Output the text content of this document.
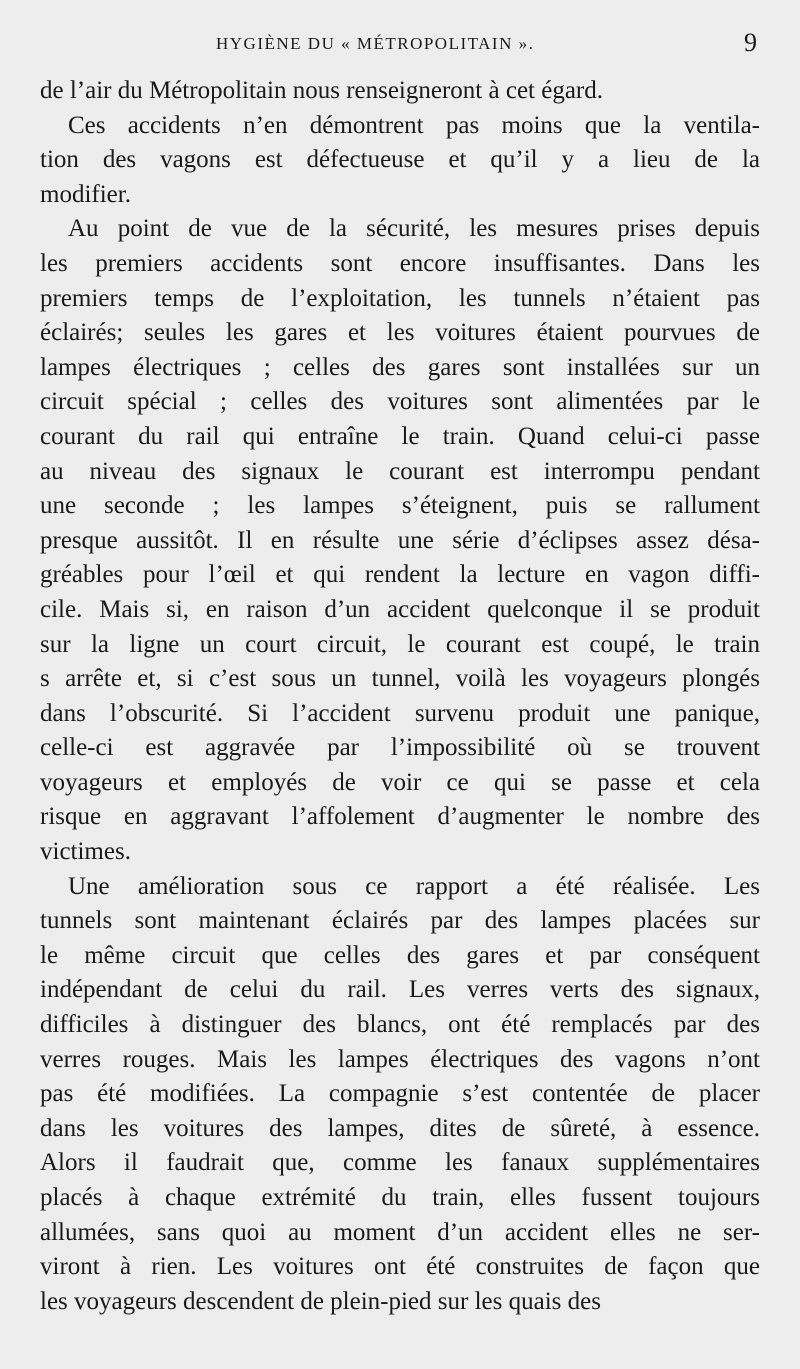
HYGIÈNE DU « MÉTROPOLITAIN ».	9
de l’air du Métropolitain nous renseigneront à cet égard.
Ces accidents n’en démontrent pas moins que la ventila-
tion des vagons est défectueuse et qu’il y a lieu de la
modifier.
Au point de vue de la sécurité, les mesures prises depuis
les premiers accidents sont encore insuffisantes. Dans les
premiers temps de l’exploitation, les tunnels n’étaient pas
éclairés; seules les gares et les voitures étaient pourvues de
lampes électriques ; celles des gares sont installées sur un
circuit spécial ; celles des voitures sont alimentées par le
courant du rail qui entraîne le train. Quand celui-ci passe
au niveau des signaux le courant est interrompu pendant
une seconde ; les lampes s’éteignent, puis se rallument
presque aussitôt. Il en résulte une série d’éclipses assez désa-
gréables pour l’œil et qui rendent la lecture en vagon diffi-
cile. Mais si, en raison d’un accident quelconque il se produit
sur la ligne un court circuit, le courant est coupé, le train
s arrête et, si c’est sous un tunnel, voilà les voyageurs plongés
dans l’obscurité. Si l’accident survenu produit une panique,
celle-ci est aggravée par l’impossibilité où se trouvent
voyageurs et employés de voir ce qui se passe et cela
risque en aggravant l’affolement d’augmenter le nombre des
victimes.
Une amélioration sous ce rapport a été réalisée. Les
tunnels sont maintenant éclairés par des lampes placées sur
le même circuit que celles des gares et par conséquent
indépendant de celui du rail. Les verres verts des signaux,
difficiles à distinguer des blancs, ont été remplacés par des
verres rouges. Mais les lampes électriques des vagons n’ont
pas été modifiées. La compagnie s’est contentée de placer
dans les voitures des lampes, dites de sûreté, à essence.
Alors il faudrait que, comme les fanaux supplémentaires
placés à chaque extrémité du train, elles fussent toujours
allumées, sans quoi au moment d’un accident elles ne ser-
viront à rien. Les voitures ont été construites de façon que
les voyageurs descendent de plein-pied sur les quais des
